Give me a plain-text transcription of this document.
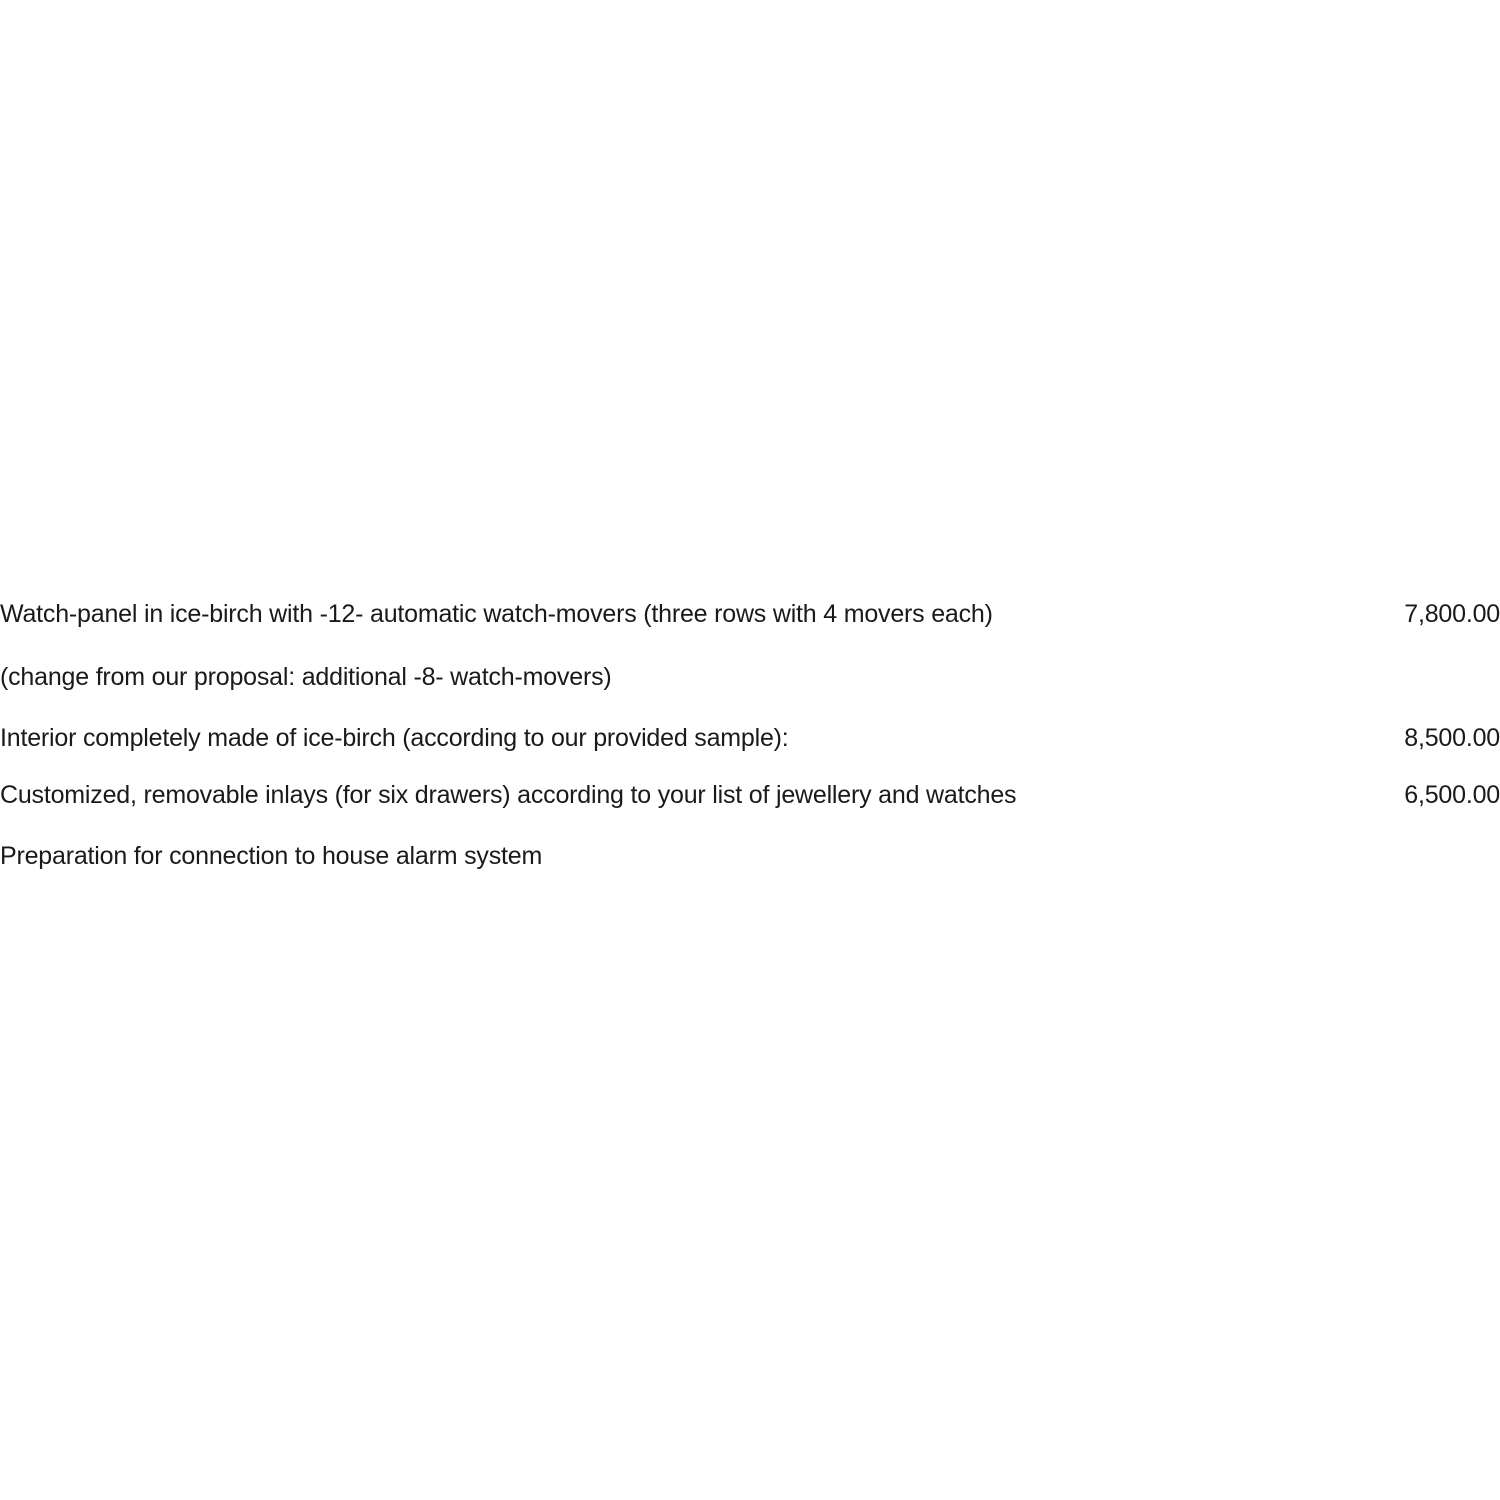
Watch-panel in ice-birch with -12- automatic watch-movers (three rows with 4 movers each)	7,800.00
(change from our proposal: additional -8- watch-movers)
Interior completely made of ice-birch (according to our provided sample):	8,500.00
Customized, removable inlays (for six drawers) according to your list of jewellery and watches	6,500.00
Preparation for connection to house alarm system
